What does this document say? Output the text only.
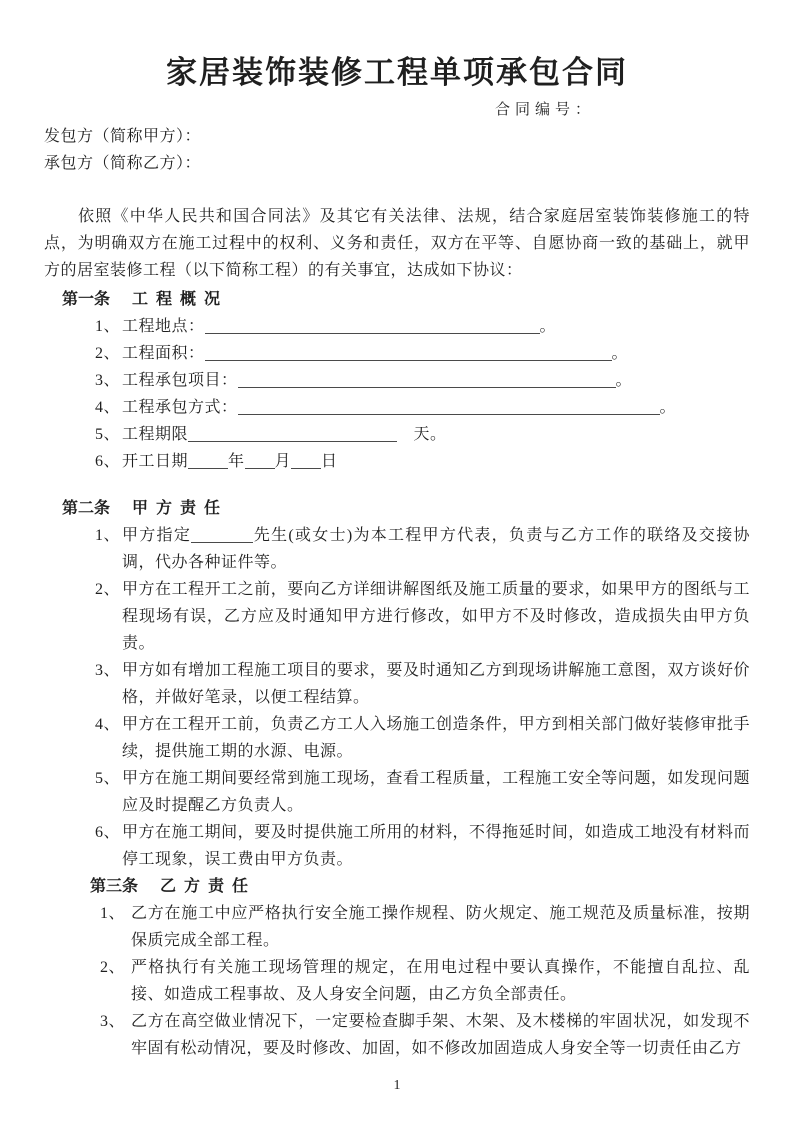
家居装饰装修工程单项承包合同
合同编号：
发包方（简称甲方）：
承包方（简称乙方）：

依照《中华人民共和国合同法》及其它有关法律、法规，结合家庭居室装饰装修施工的特点，为明确双方在施工过程中的权利、义务和责任，双方在平等、自愿协商一致的基础上，就甲方的居室装修工程（以下简称工程）的有关事宜，达成如下协议：

第一条 工程概况
1、 工程地点：	。
2、 工程面积：	。
3、 工程承包项目：	。
4、 工程承包方式：	。
5、 工程期限	　天。
6、 开工日期	年 月 日
第二条 甲方责任
1、 甲方指定	先生(或女士)为本工程甲方代表，负责与乙方工作的联络及交接协调，代办各种证件等。
2、 甲方在工程开工之前，要向乙方详细讲解图纸及施工质量的要求，如果甲方的图纸与工程现场有误，乙方应及时通知甲方进行修改，如甲方不及时修改，造成损失由甲方负责。
3、 甲方如有增加工程施工项目的要求，要及时通知乙方到现场讲解施工意图，双方谈好价格，并做好笔录，以便工程结算。
4、 甲方在工程开工前，负责乙方工人入场施工创造条件，甲方到相关部门做好装修审批手续，提供施工期的水源、电源。
5、 甲方在施工期间要经常到施工现场，查看工程质量，工程施工安全等问题，如发现问题应及时提醒乙方负责人。
6、 甲方在施工期间，要及时提供施工所用的材料，不得拖延时间，如造成工地没有材料而停工现象，误工费由甲方负责。
第三条 乙方责任
1、 乙方在施工中应严格执行安全施工操作规程、防火规定、施工规范及质量标准，按期保质完成全部工程。
2、 严格执行有关施工现场管理的规定，在用电过程中要认真操作，不能擅自乱拉、乱接、如造成工程事故、及人身安全问题，由乙方负全部责任。
3、 乙方在高空做业情况下，一定要检查脚手架、木架、及木楼梯的牢固状况，如发现不牢固有松动情况，要及时修改、加固，如不修改加固造成人身安全等一切责任由乙方
1
